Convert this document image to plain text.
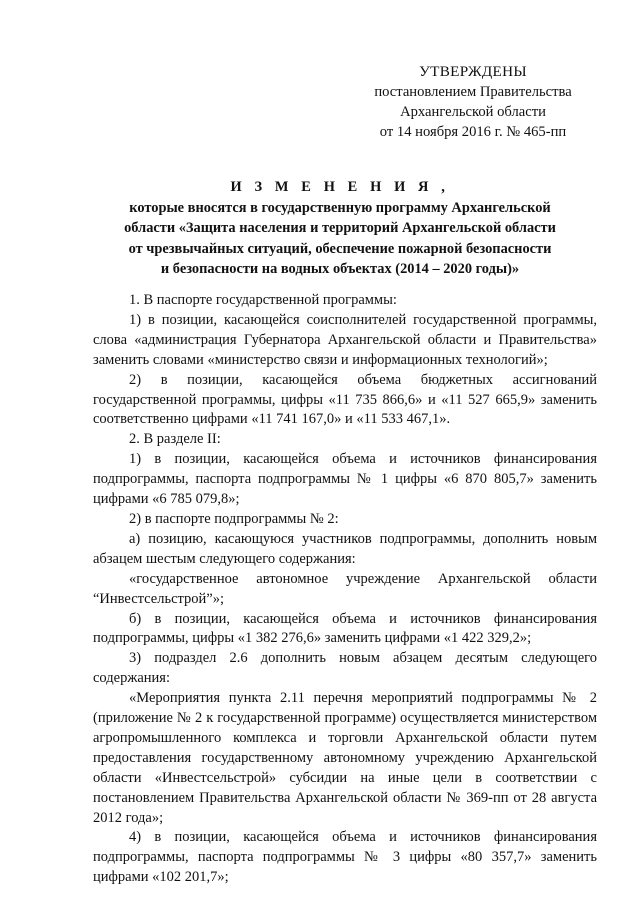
УТВЕРЖДЕНЫ
постановлением Правительства
Архангельской области
от 14 ноября 2016 г. № 465-пп
И З М Е Н Е Н И Я ,
которые вносятся в государственную программу Архангельской
области «Защита населения и территорий Архангельской области
от чрезвычайных ситуаций, обеспечение пожарной безопасности
и безопасности на водных объектах (2014 – 2020 годы)»

1. В паспорте государственной программы:

1) в позиции, касающейся соисполнителей государственной программы, слова «администрация Губернатора Архангельской области и Правительства» заменить словами «министерство связи и информационных технологий»;

2) в позиции, касающейся объема бюджетных ассигнований государственной программы, цифры «11 735 866,6» и «11 527 665,9» заменить соответственно цифрами «11 741 167,0» и «11 533 467,1».

2. В разделе II:

1) в позиции, касающейся объема и источников финансирования подпрограммы, паспорта подпрограммы № 1 цифры «6 870 805,7» заменить цифрами «6 785 079,8»;

2) в паспорте подпрограммы № 2:

а) позицию, касающуюся участников подпрограммы, дополнить новым абзацем шестым следующего содержания:

«государственное автономное учреждение Архангельской области “Инвестсельстрой”»;

б) в позиции, касающейся объема и источников финансирования подпрограммы, цифры «1 382 276,6» заменить цифрами «1 422 329,2»;

3) подраздел 2.6 дополнить новым абзацем десятым следующего содержания:

«Мероприятия пункта 2.11 перечня мероприятий подпрограммы № 2 (приложение № 2 к государственной программе) осуществляется министерством агропромышленного комплекса и торговли Архангельской области путем предоставления государственному автономному учреждению Архангельской области «Инвестсельстрой» субсидии на иные цели в соответствии с постановлением Правительства Архангельской области № 369-пп от 28 августа 2012 года»;

4) в позиции, касающейся объема и источников финансирования подпрограммы, паспорта подпрограммы № 3 цифры «80 357,7» заменить цифрами «102 201,7»;
